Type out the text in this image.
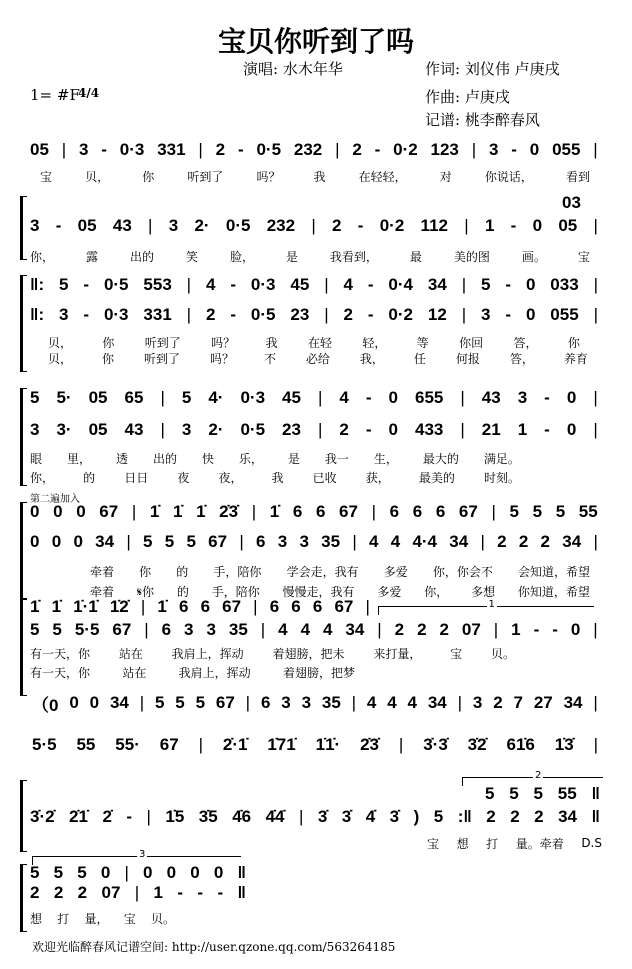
宝贝你听到了吗
演唱: 水木年华	作词: 刘仪伟 卢庚戌
1= #F
4/4	作曲: 卢庚戌
记谱: 桃李醉春风
05 | 3 - 0·3 331 | 2 - 0·5 232 | 2 - 0·2 123 | 3 - 0 055 |
宝	贝，	你	听到了	吗？	我	在轻轻，	对	你说话，	看到
03
3 - 05 43 | 3 2· 0·5 232 | 2 - 0·2 112 | 1 - 0 05 |
你，	露	出的	笑	脸，	是	我看到，	最	美的图	画。	宝
‖: 5 - 0·5 553 | 4 - 0·3 45 | 4 - 0·4 34 | 5 - 0 033 |
‖: 3 - 0·3 331 | 2 - 0·5 23 | 2 - 0·2 12 | 3 - 0 055 |
贝，	你	听到了	吗？	我	在轻	轻，	等	你回	答，	你
贝， 你 听到了 吗？ 不 必给 我， 任 何报 答， 养育
5 5· 05 65 | 5 4· 0·3 45 | 4 - 0 655 | 43 3 - 0 |
3 3· 05 43 | 3 2· 0·5 23 | 2 - 0 433 | 21 1 - 0 |
眼 里， 透 出的 快 乐， 是 我一 生， 最大的 满足。
你， 的 日日 夜 夜， 我 已收 获， 最美的 时刻。
第二遍加入
0 0 0 67 | 1̇ 1̇ 1̇ 2̇3̇ | 1̇ 6 6 67 | 6 6 6 67 | 5 5 5 55
0 0 0 34 | 5 5 5 67 | 6 3 3 35 | 4 4 4·4 34 | 2 2 2 34 |
牵着 你 的 手，陪你 学会走，我有 多爱 你，你会不 会知道，希望
牵着 𝄋你 的 手，陪你 慢慢走，我有 多爱 你， 多想 你知道，希望
1
1̇ 1̇ 1̇·1̇ 1̇2̇ | 1̇ 6 6 67 | 6 6 6 67 |
5 5 5·5 67 | 6 3 3 35 | 4 4 4 34 | 2 2 2 07 | 1 - - 0 |
有一天，你 站在 我肩上，挥动 着翅膀，把未 来打量， 宝 贝。
有一天，你	站在	我肩上，挥动	着翅膀，把梦
（0 0 0 34 | 5 5 5 67 | 6 3 3 35 | 4 4 4 34 | 3 2 7 27 34 |
5·5 55 55· 67 | 2̇·1̇ 1̇71̇ 1̇1̇· 2̇3̇ | 3̇·3̇ 3̇2̇ 61̇6 1̇3̇ |
2
5 5 5 55 ‖
3̇·2̇ 2̇1̇ 2̇ - | 1̇5 3̇5 4̇6 4̇4̇ | 3̇ 3̇ 4̇ 3̇ ) 5 :‖ 2 2 2 34 ‖
宝 想 打 量。牵着 D.S
3
5 5 5 0 | 0 0 0 0 ‖
2 2 2 07 | 1 - - - ‖
想 打 量， 宝 贝。
欢迎光临醉春风记谱空间: http://user.qzone.qq.com/563264185
